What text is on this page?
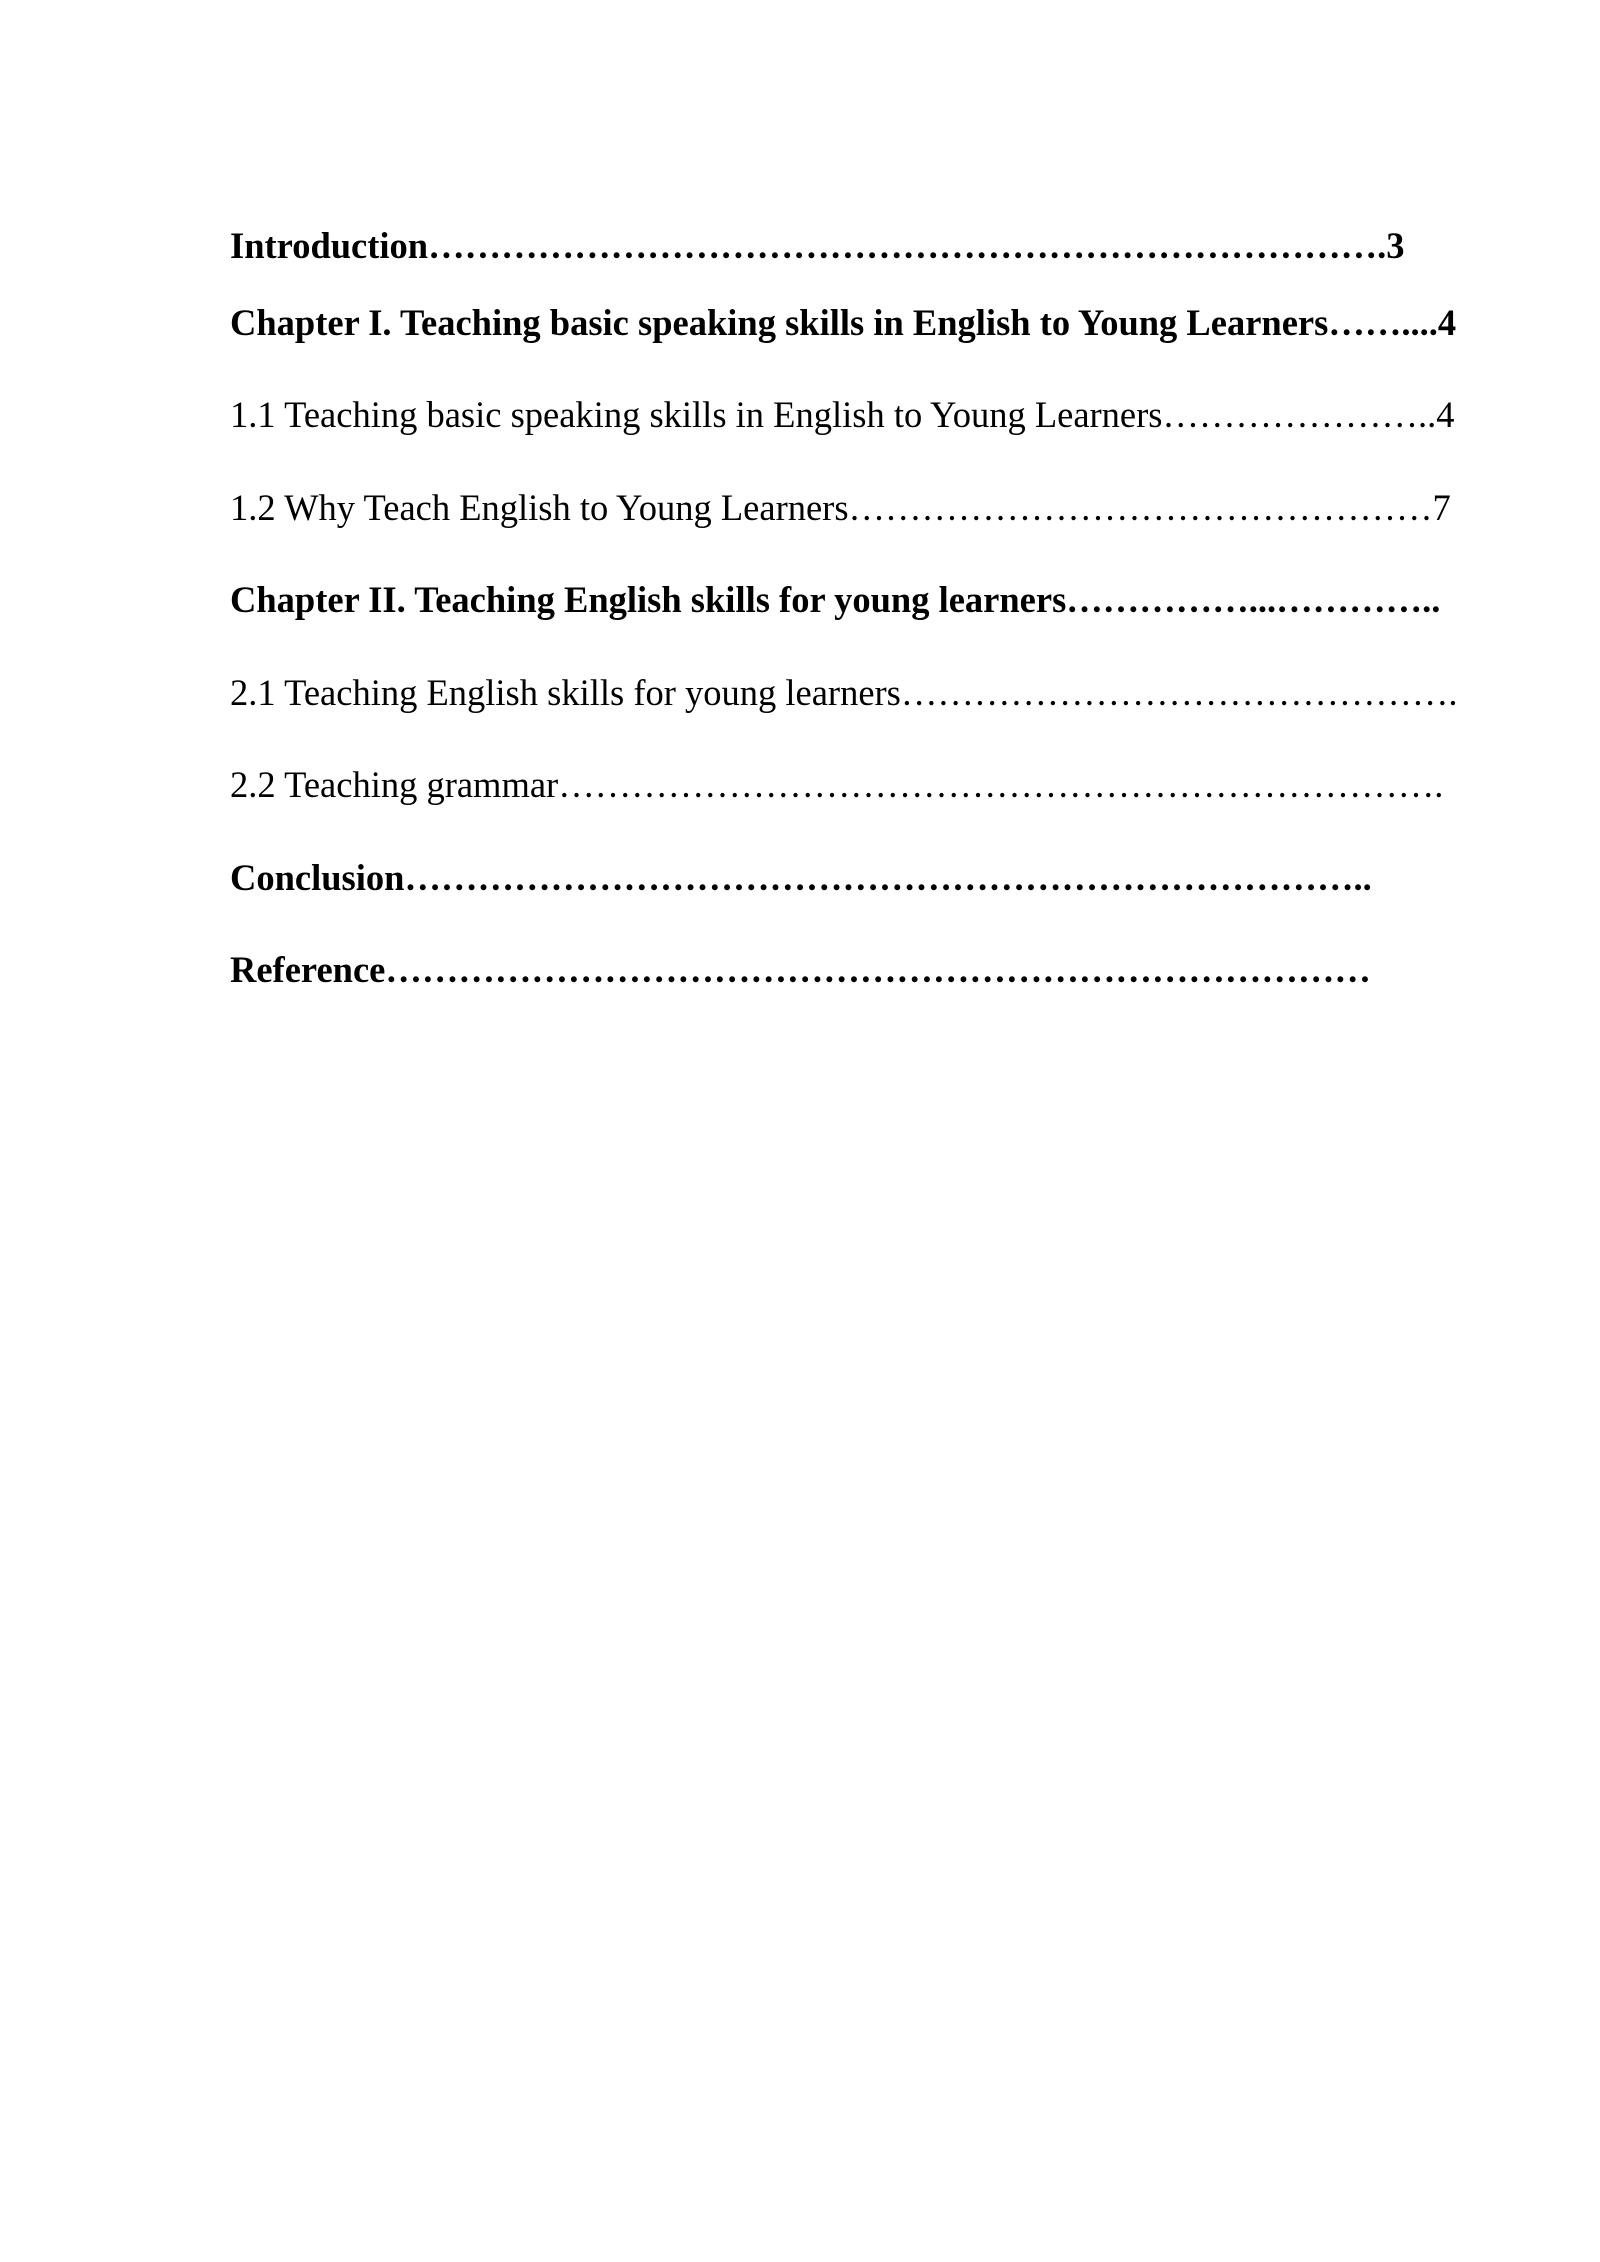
Introduction…………………………………………………………………….3
Chapter I. Teaching basic speaking skills in English to Young Learners……....4
1.1 Teaching basic speaking skills in English to Young Learners…………………..4
1.2 Why Teach English to Young Learners…………………………………………7
Chapter II. Teaching English skills for young learners……………...…………..
2.1 Teaching English skills for young learners……………………………………….
2.2 Teaching grammar……………………………………………………………….
Conclusion……………………………………………………………………..
Reference………………………………………………………………………
